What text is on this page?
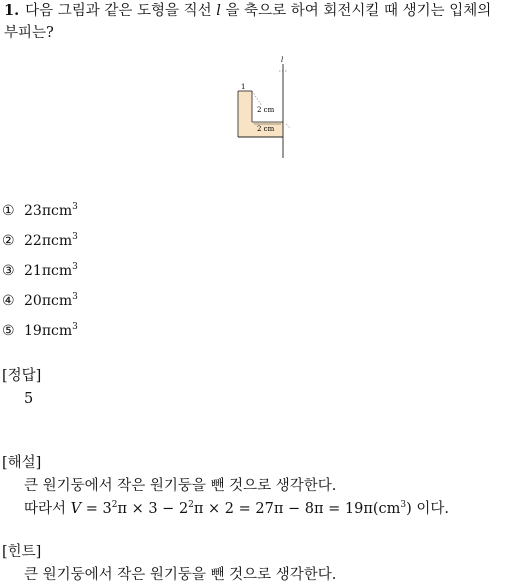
1. 다음 그림과 같은 도형을 직선 l 을 축으로 하여 회전시킬 때 생기는 입체의
부피는?
l
1
2 cm
2 cm
① 23πcm$^3$
② 22πcm$^3$
③ 21πcm$^3$
④ 20πcm$^3$
⑤ 19πcm$^3$
[정답]
5
[해설]
큰 원기둥에서 작은 원기둥을 뺀 것으로 생각한다.
따라서 $V = 3^2\pi \times 3 - 2^2\pi \times 2 = 27\pi - 8\pi = 19\pi(cm^3)$ 이다.
[힌트]
큰 원기둥에서 작은 원기둥을 뺀 것으로 생각한다.
